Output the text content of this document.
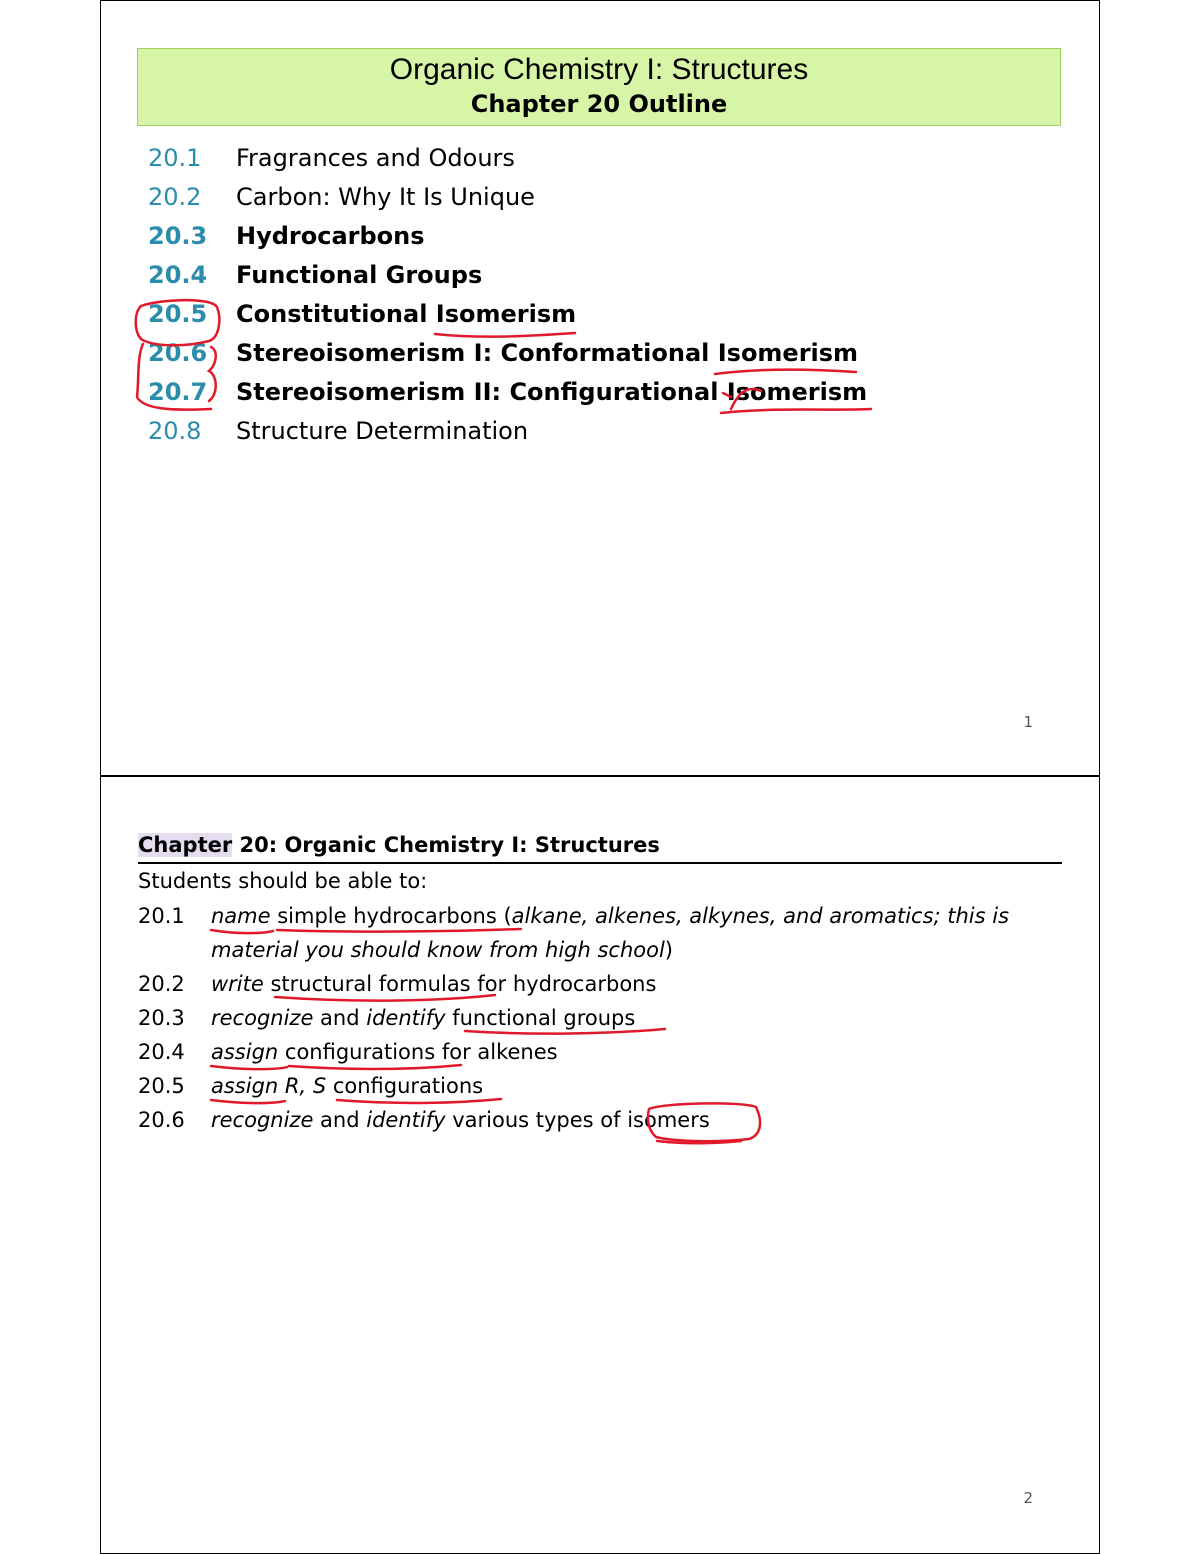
Organic Chemistry I: Structures
Chapter 20 Outline
20.1 Fragrances and Odours
20.2 Carbon: Why It Is Unique
20.3 Hydrocarbons
20.4 Functional Groups
20.5 Constitutional Isomerism
20.6 Stereoisomerism I: Conformational Isomerism
20.7 Stereoisomerism II: Configurational Isomerism
20.8 Structure Determination
1
Chapter 20: Organic Chemistry I: Structures
Students should be able to:
20.1 name simple hydrocarbons (alkane, alkenes, alkynes, and aromatics; this is
material you should know from high school)
20.2 write structural formulas for hydrocarbons
20.3 recognize and identify functional groups
20.4 assign configurations for alkenes
20.5 assign R, S configurations
20.6 recognize and identify various types of isomers
2
